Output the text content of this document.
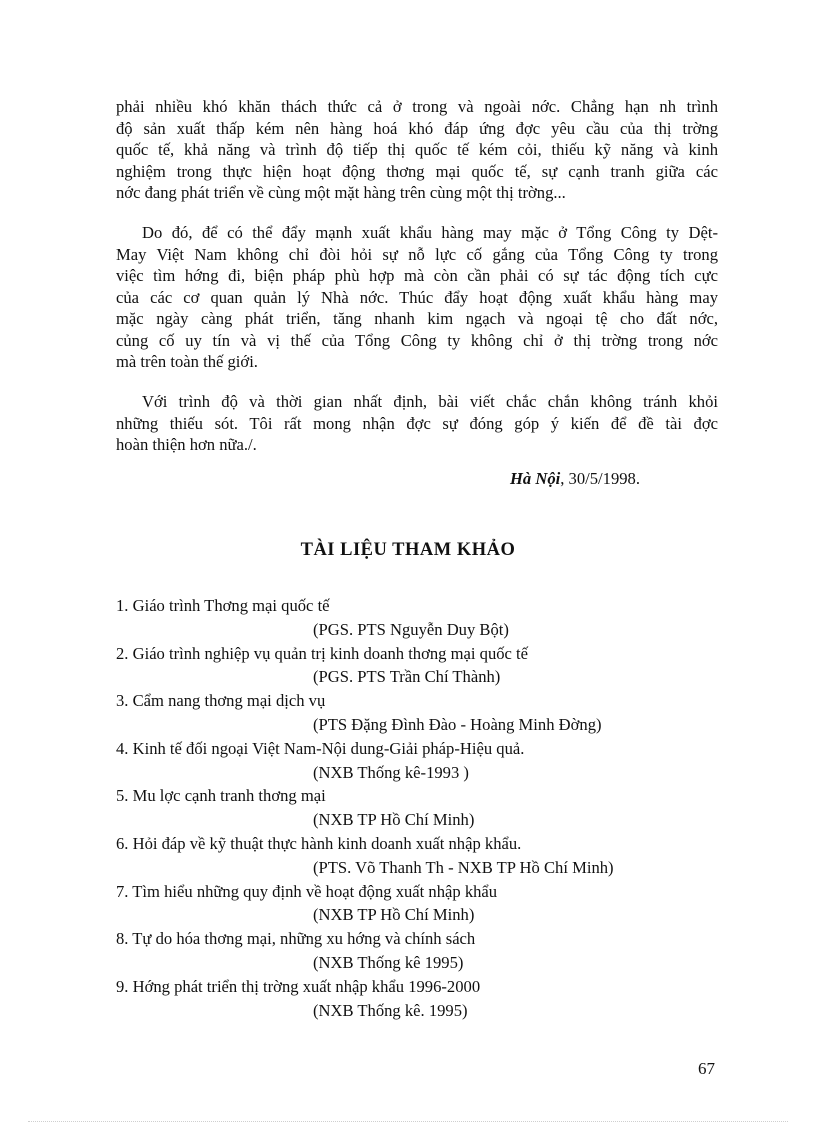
phải nhiều khó khăn thách thức cả ở trong và ngoài nớc. Chẳng hạn nh trình
độ sản xuất thấp kém nên hàng hoá khó đáp ứng đợc yêu cầu của thị trờng
quốc tế, khả năng và trình độ tiếp thị quốc tế kém cỏi, thiếu kỹ năng và kinh
nghiệm trong thực hiện hoạt động thơng mại quốc tế, sự cạnh tranh giữa các
nớc đang phát triển về cùng một mặt hàng trên cùng một thị trờng...
Do đó, để có thể đẩy mạnh xuất khẩu hàng may mặc ở Tổng Công ty Dệt-
May Việt Nam không chỉ đòi hỏi sự nỗ lực cố gắng của Tổng Công ty trong
việc tìm hớng đi, biện pháp phù hợp mà còn cần phải có sự tác động tích cực
của các cơ quan quản lý Nhà nớc. Thúc đẩy hoạt động xuất khẩu hàng may
mặc ngày càng phát triển, tăng nhanh kim ngạch và ngoại tệ cho đất nớc,
củng cố uy tín và vị thế của Tổng Công ty không chỉ ở thị trờng trong nớc
mà trên toàn thế giới.
Với trình độ và thời gian nhất định, bài viết chắc chắn không tránh khỏi
những thiếu sót. Tôi rất mong nhận đợc sự đóng góp ý kiến để đề tài đợc
hoàn thiện hơn nữa./.
Hà Nội, 30/5/1998.
TÀI LIỆU THAM KHẢO
1. Giáo trình Thơng mại quốc tế
(PGS. PTS Nguyễn Duy Bột)
2. Giáo trình nghiệp vụ quản trị kinh doanh thơng mại quốc tế
(PGS. PTS Trần Chí Thành)
3. Cẩm nang thơng mại dịch vụ
(PTS Đặng Đình Đào - Hoàng Minh Đờng)
4. Kinh tế đối ngoại Việt Nam-Nội dung-Giải pháp-Hiệu quả.
(NXB Thống kê-1993 )
5. Mu lợc cạnh tranh thơng mại
(NXB TP Hồ Chí Minh)
6. Hỏi đáp về kỹ thuật thực hành kinh doanh xuất nhập khẩu.
(PTS. Võ Thanh Th - NXB TP Hồ Chí Minh)
7. Tìm hiểu những quy định về hoạt động xuất nhập khẩu
(NXB TP Hồ Chí Minh)
8. Tự do hóa thơng mại, những xu hớng và chính sách
(NXB Thống kê 1995)
9. Hớng phát triển thị trờng xuất nhập khẩu 1996-2000
(NXB Thống kê. 1995)
67
